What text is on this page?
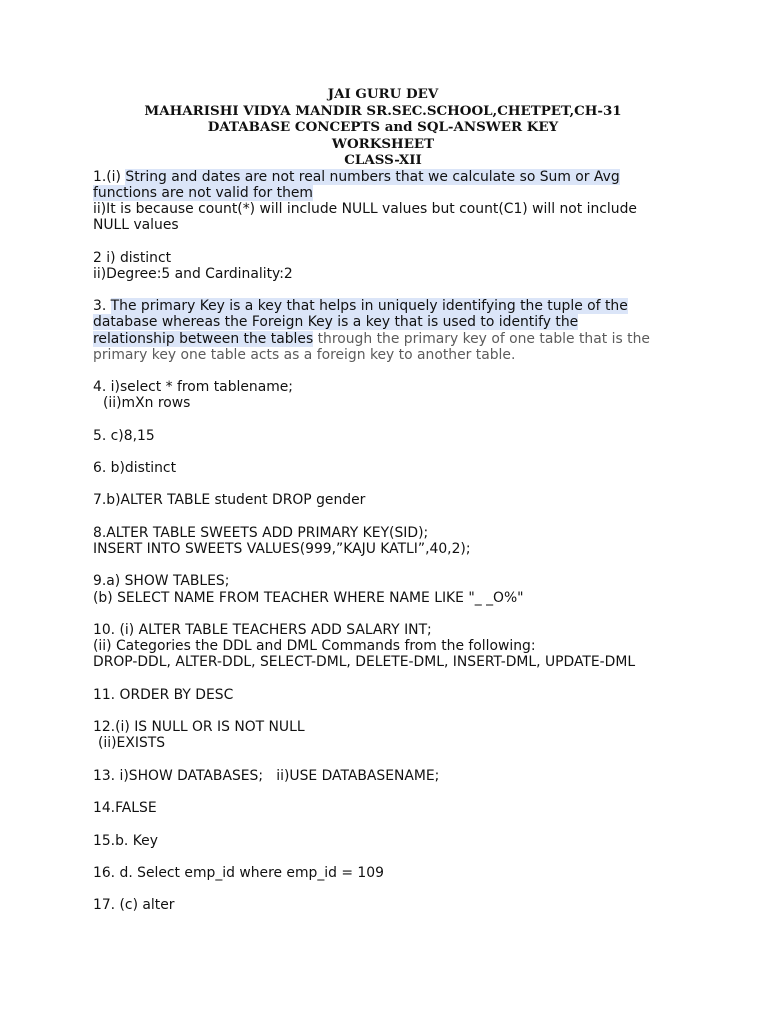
JAI GURU DEV
MAHARISHI VIDYA MANDIR SR.SEC.SCHOOL,CHETPET,CH-31
DATABASE CONCEPTS and SQL-ANSWER KEY
WORKSHEET
CLASS-XII
1.(i) String and dates are not real numbers that we calculate so Sum or Avg
functions are not valid for them
ii)It is because count(*) will include NULL values but count(C1) will not include
NULL values
2 i) distinct
ii)Degree:5 and Cardinality:2
3. The primary Key is a key that helps in uniquely identifying the tuple of the
database whereas the Foreign Key is a key that is used to identify the
relationship between the tables through the primary key of one table that is the
primary key one table acts as a foreign key to another table.
4. i)select * from tablename;
(ii)mXn rows
5. c)8,15
6. b)distinct
7.b)ALTER TABLE student DROP gender
8.ALTER TABLE SWEETS ADD PRIMARY KEY(SID);
INSERT INTO SWEETS VALUES(999,”KAJU KATLI”,40,2);
9.a) SHOW TABLES;
(b) SELECT NAME FROM TEACHER WHERE NAME LIKE "_ _O%"
10. (i) ALTER TABLE TEACHERS ADD SALARY INT;
(ii) Categories the DDL and DML Commands from the following:
DROP-DDL, ALTER-DDL, SELECT-DML, DELETE-DML, INSERT-DML, UPDATE-DML
11. ORDER BY DESC
12.(i) IS NULL OR IS NOT NULL
(ii)EXISTS
13. i)SHOW DATABASES;   ii)USE DATABASENAME;
14.FALSE
15.b. Key
16. d. Select emp_id where emp_id = 109
17. (c) alter
